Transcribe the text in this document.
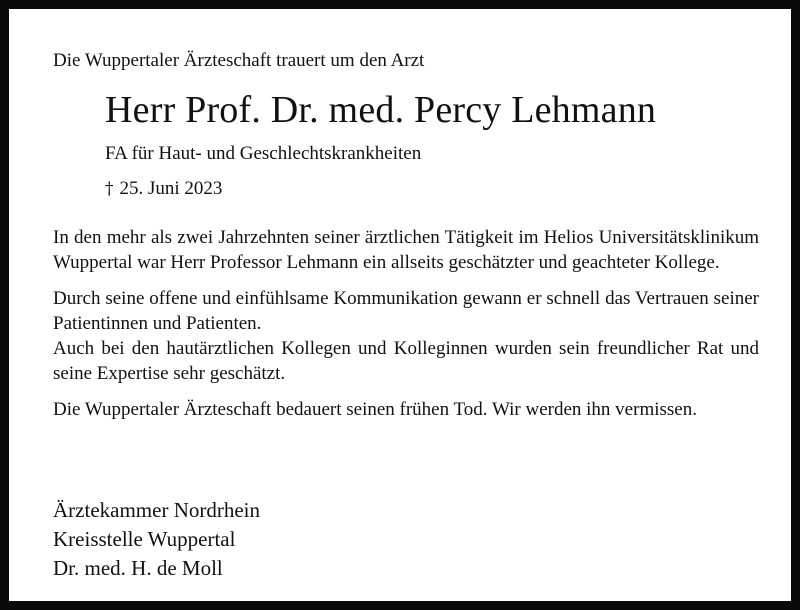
Die Wuppertaler Ärzteschaft trauert um den Arzt
Herr Prof. Dr. med. Percy Lehmann
FA für Haut- und Geschlechtskrankheiten
† 25. Juni 2023

In den mehr als zwei Jahrzehnten seiner ärztlichen Tätigkeit im Helios Universitätsklinikum Wuppertal war Herr Professor Lehmann ein allseits geschätzter und geachteter Kollege.

Durch seine offene und einfühlsame Kommunikation gewann er schnell das Vertrauen seiner Patientinnen und Patienten.

Auch bei den hautärztlichen Kollegen und Kolleginnen wurden sein freundlicher Rat und seine Expertise sehr geschätzt.

Die Wuppertaler Ärzteschaft bedauert seinen frühen Tod. Wir werden ihn vermissen.

Ärztekammer Nordrhein
Kreisstelle Wuppertal
Dr. med. H. de Moll
